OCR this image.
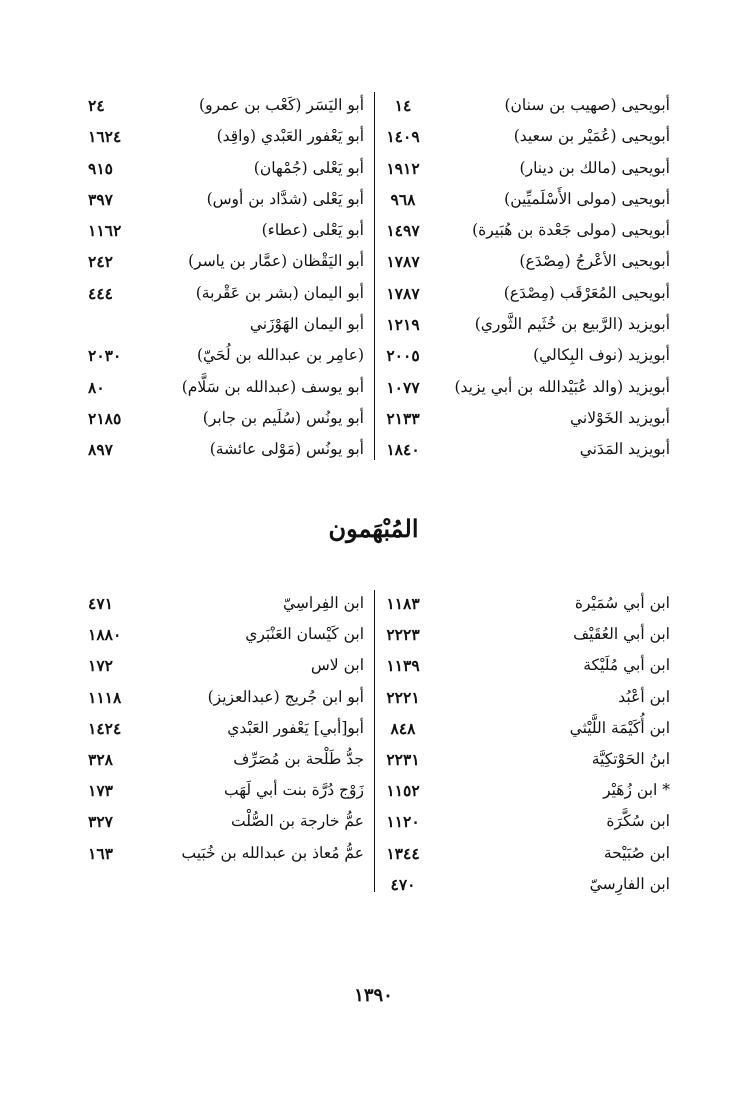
أبويحيى (صهيب بن سنان)
١٤
أبو اليَسَر (كَعْب بن عمرو)
٢٤
أبويحيى (عُمَيْر بن سعيد)
١٤٠٩
أبو يَعْفور العَبْدي (واقِد)
١٦٢٤
أبويحيى (مالك بن دينار)
١٩١٢
أبو يَعْلى (جُمْهان)
٩١٥
أبويحيى (مولى الأَسْلَميِّين)
٩٦٨
أبو يَعْلى (شدَّاد بن أوس)
٣٩٧
أبويحيى (مولى جَعْدة بن هُبَيرة)
١٤٩٧
أبو يَعْلى (عطاء)
١١٦٢
أبويحيى الأعْرجُ (مِصْدَع)
١٧٨٧
أبو اليَقْظان (عمَّار بن ياسر)
٢٤٢
أبويحيى المُعَرْقَب (مِصْدَع)
١٧٨٧
أبو اليمان (بشر بن عَقْربة)
٤٤٤
أبويزيد (الرَّبيع بن خُثَيم الثَّوري)
١٢١٩
أبو اليمان الهَوْزَني
أبويزيد (نوف البِكالي)
٢٠٠٥
(عامِر بن عبدالله بن لُحَيّ)
٢٠٣٠
أبويزيد (والد عُبَيْدالله بن أبي يزيد)
١٠٧٧
أبو يوسف (عبدالله بن سَلَّام)
٨٠
أبويزيد الخَوْلاني
٢١٣٣
أبو يونُس (سُلَيم بن جابر)
٢١٨٥
أبويزيد المَدَني
١٨٤٠
أبو يونُس (مَوْلى عائشة)
٨٩٧
المُبْهَمون
ابن أبي سُمَيْرة
١١٨٣
ابن الفِراسِيّ
٤٧١
ابن أبي العُقَيْف
٢٢٢٣
ابن كَيْسان العَنْبَري
١٨٨٠
ابن أبي مُلَيْكة
١١٣٩
ابن لاس
١٧٢
ابن أعْبُد
٢٢٢١
أبو ابن جُريج (عبدالعزيز)
١١١٨
ابن أُكَيْمَة اللَّيْثي
٨٤٨
أبو[أبي] يَعْفور العَبْدي
١٤٢٤
ابنُ الحَوْتكِيَّة
٢٢٣١
جدُّ طَلْحة بن مُصَرِّف
٣٢٨
* ابن زُهَيْر
١١٥٢
زَوْج دُرَّة بنت أبي لَهَب
١٧٣
ابن سُكَّرَة
١١٢٠
عمُّ خارجة بن الصُّلْت
٣٢٧
ابن صُبَيْحة
١٣٤٤
عمُّ مُعاذ بن عبدالله بن خُبَيب
١٦٣
ابن الفارِسيّ
٤٧٠
١٣٩٠
